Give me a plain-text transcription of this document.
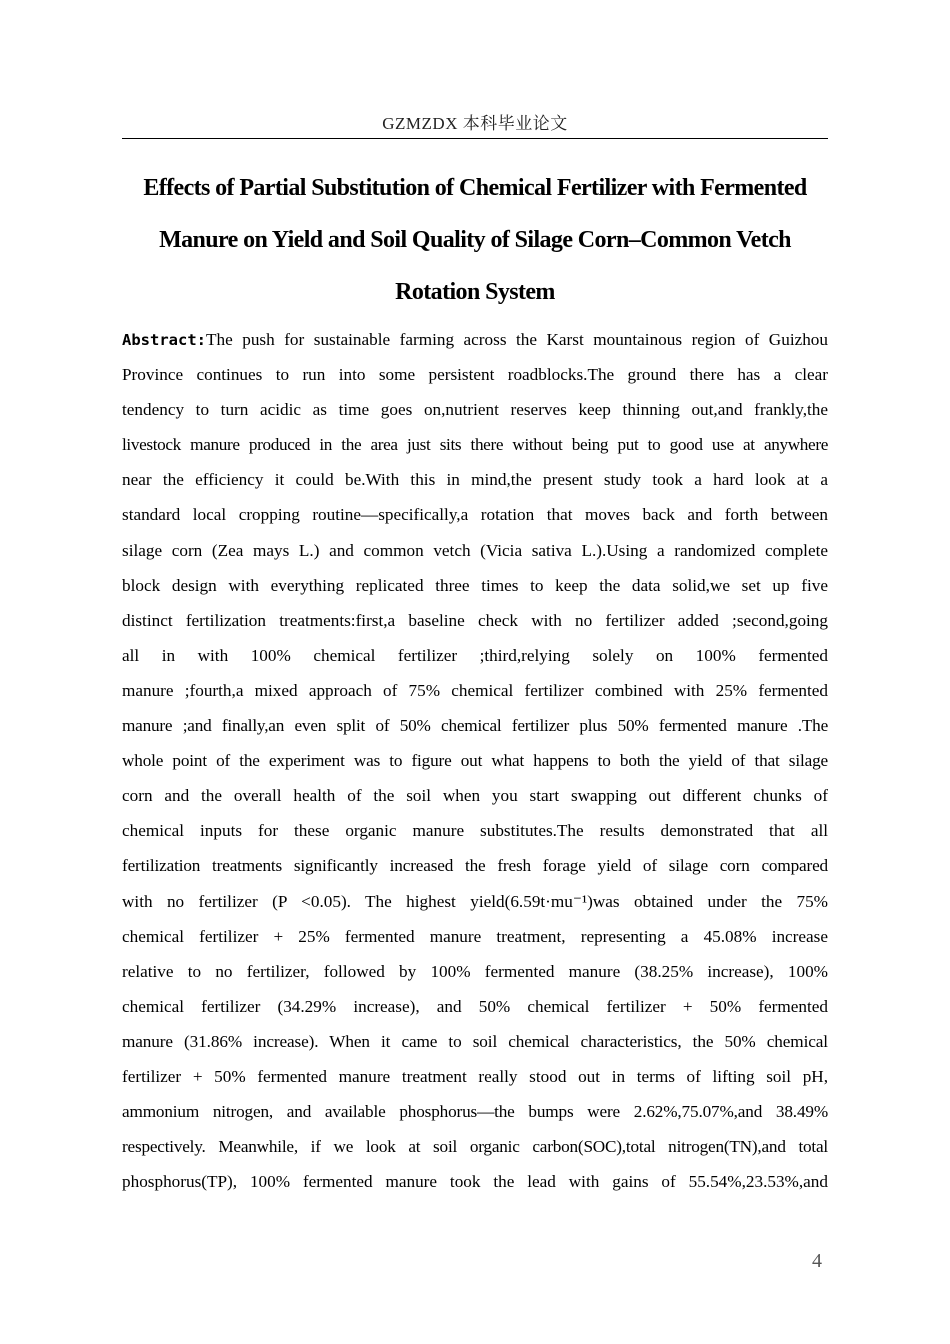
GZMZDX 本科毕业论文
Effects of Partial Substitution of Chemical Fertilizer with Fermented
Manure on Yield and Soil Quality of Silage Corn–Common Vetch
Rotation System
Abstract:The push for sustainable farming across the Karst mountainous region of Guizhou
Province continues to run into some persistent roadblocks.The ground there has a clear
tendency to turn acidic as time goes on,nutrient reserves keep thinning out,and frankly,the
livestock manure produced in the area just sits there without being put to good use at anywhere
near the efficiency it could be.With this in mind,the present study took a hard look at a
standard local cropping routine—specifically,a rotation that moves back and forth between
silage corn (Zea mays L.) and common vetch (Vicia sativa L.).Using a randomized complete
block design with everything replicated three times to keep the data solid,we set up five
distinct fertilization treatments:first,a baseline check with no fertilizer added ;second,going
all in with 100% chemical fertilizer ;third,relying solely on 100% fermented
manure ;fourth,a mixed approach of 75% chemical fertilizer combined with 25% fermented
manure ;and finally,an even split of 50% chemical fertilizer plus 50% fermented manure .The
whole point of the experiment was to figure out what happens to both the yield of that silage
corn and the overall health of the soil when you start swapping out different chunks of
chemical inputs for these organic manure substitutes.The results demonstrated that all
fertilization treatments significantly increased the fresh forage yield of silage corn compared
with no fertilizer (P <0.05). The highest yield(6.59t·mu⁻¹)was obtained under the 75%
chemical fertilizer + 25% fermented manure treatment, representing a 45.08% increase
relative to no fertilizer, followed by 100% fermented manure (38.25% increase), 100%
chemical fertilizer (34.29% increase), and 50% chemical fertilizer + 50% fermented
manure (31.86% increase). When it came to soil chemical characteristics, the 50% chemical
fertilizer + 50% fermented manure treatment really stood out in terms of lifting soil pH,
ammonium nitrogen, and available phosphorus—the bumps were 2.62%,75.07%,and 38.49%
respectively. Meanwhile, if we look at soil organic carbon(SOC),total nitrogen(TN),and total
phosphorus(TP), 100% fermented manure took the lead with gains of 55.54%,23.53%,and
4
